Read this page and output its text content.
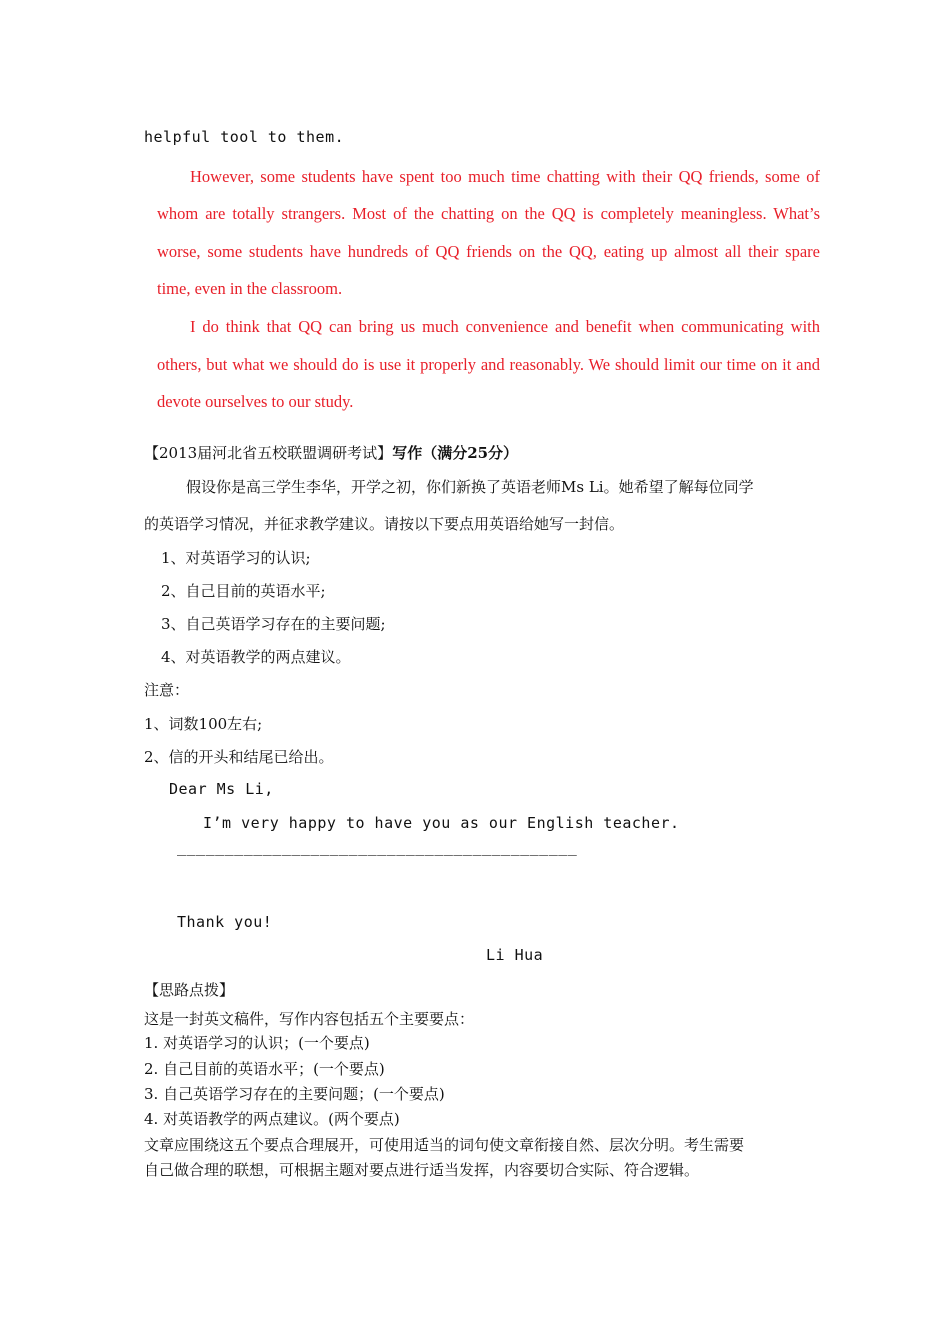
helpful tool to them.
However, some students have spent too much time chatting with their QQ friends, some of
whom are totally strangers. Most of the chatting on the QQ is completely meaningless. What’s
worse, some students have hundreds of QQ friends on the QQ, eating up almost all their spare
time, even in the classroom.
I do think that QQ can bring us much convenience and benefit when communicating with
others, but what we should do is use it properly and reasonably. We should limit our time on it and
devote ourselves to our study.
【2013届河北省五校联盟调研考试】写作（满分25分）
假设你是高三学生李华，开学之初，你们新换了英语老师Ms Li。她希望了解每位同学
的英语学习情况，并征求教学建议。请按以下要点用英语给她写一封信。
1、对英语学习的认识;
2、自己目前的英语水平;
3、自己英语学习存在的主要问题;
4、对英语教学的两点建议。
注意：
1、词数100左右;
2、信的开头和结尾已给出。
Dear Ms Li,
I’m very happy to have you as our English teacher.
__________________________________________
Thank you!
Li Hua
【思路点拨】
这是一封英文稿件，写作内容包括五个主要要点：
1. 对英语学习的认识；(一个要点)
2. 自己目前的英语水平；(一个要点)
3. 自己英语学习存在的主要问题；(一个要点)
4. 对英语教学的两点建议。(两个要点)
文章应围绕这五个要点合理展开，可使用适当的词句使文章衔接自然、层次分明。考生需要
自己做合理的联想，可根据主题对要点进行适当发挥，内容要切合实际、符合逻辑。
